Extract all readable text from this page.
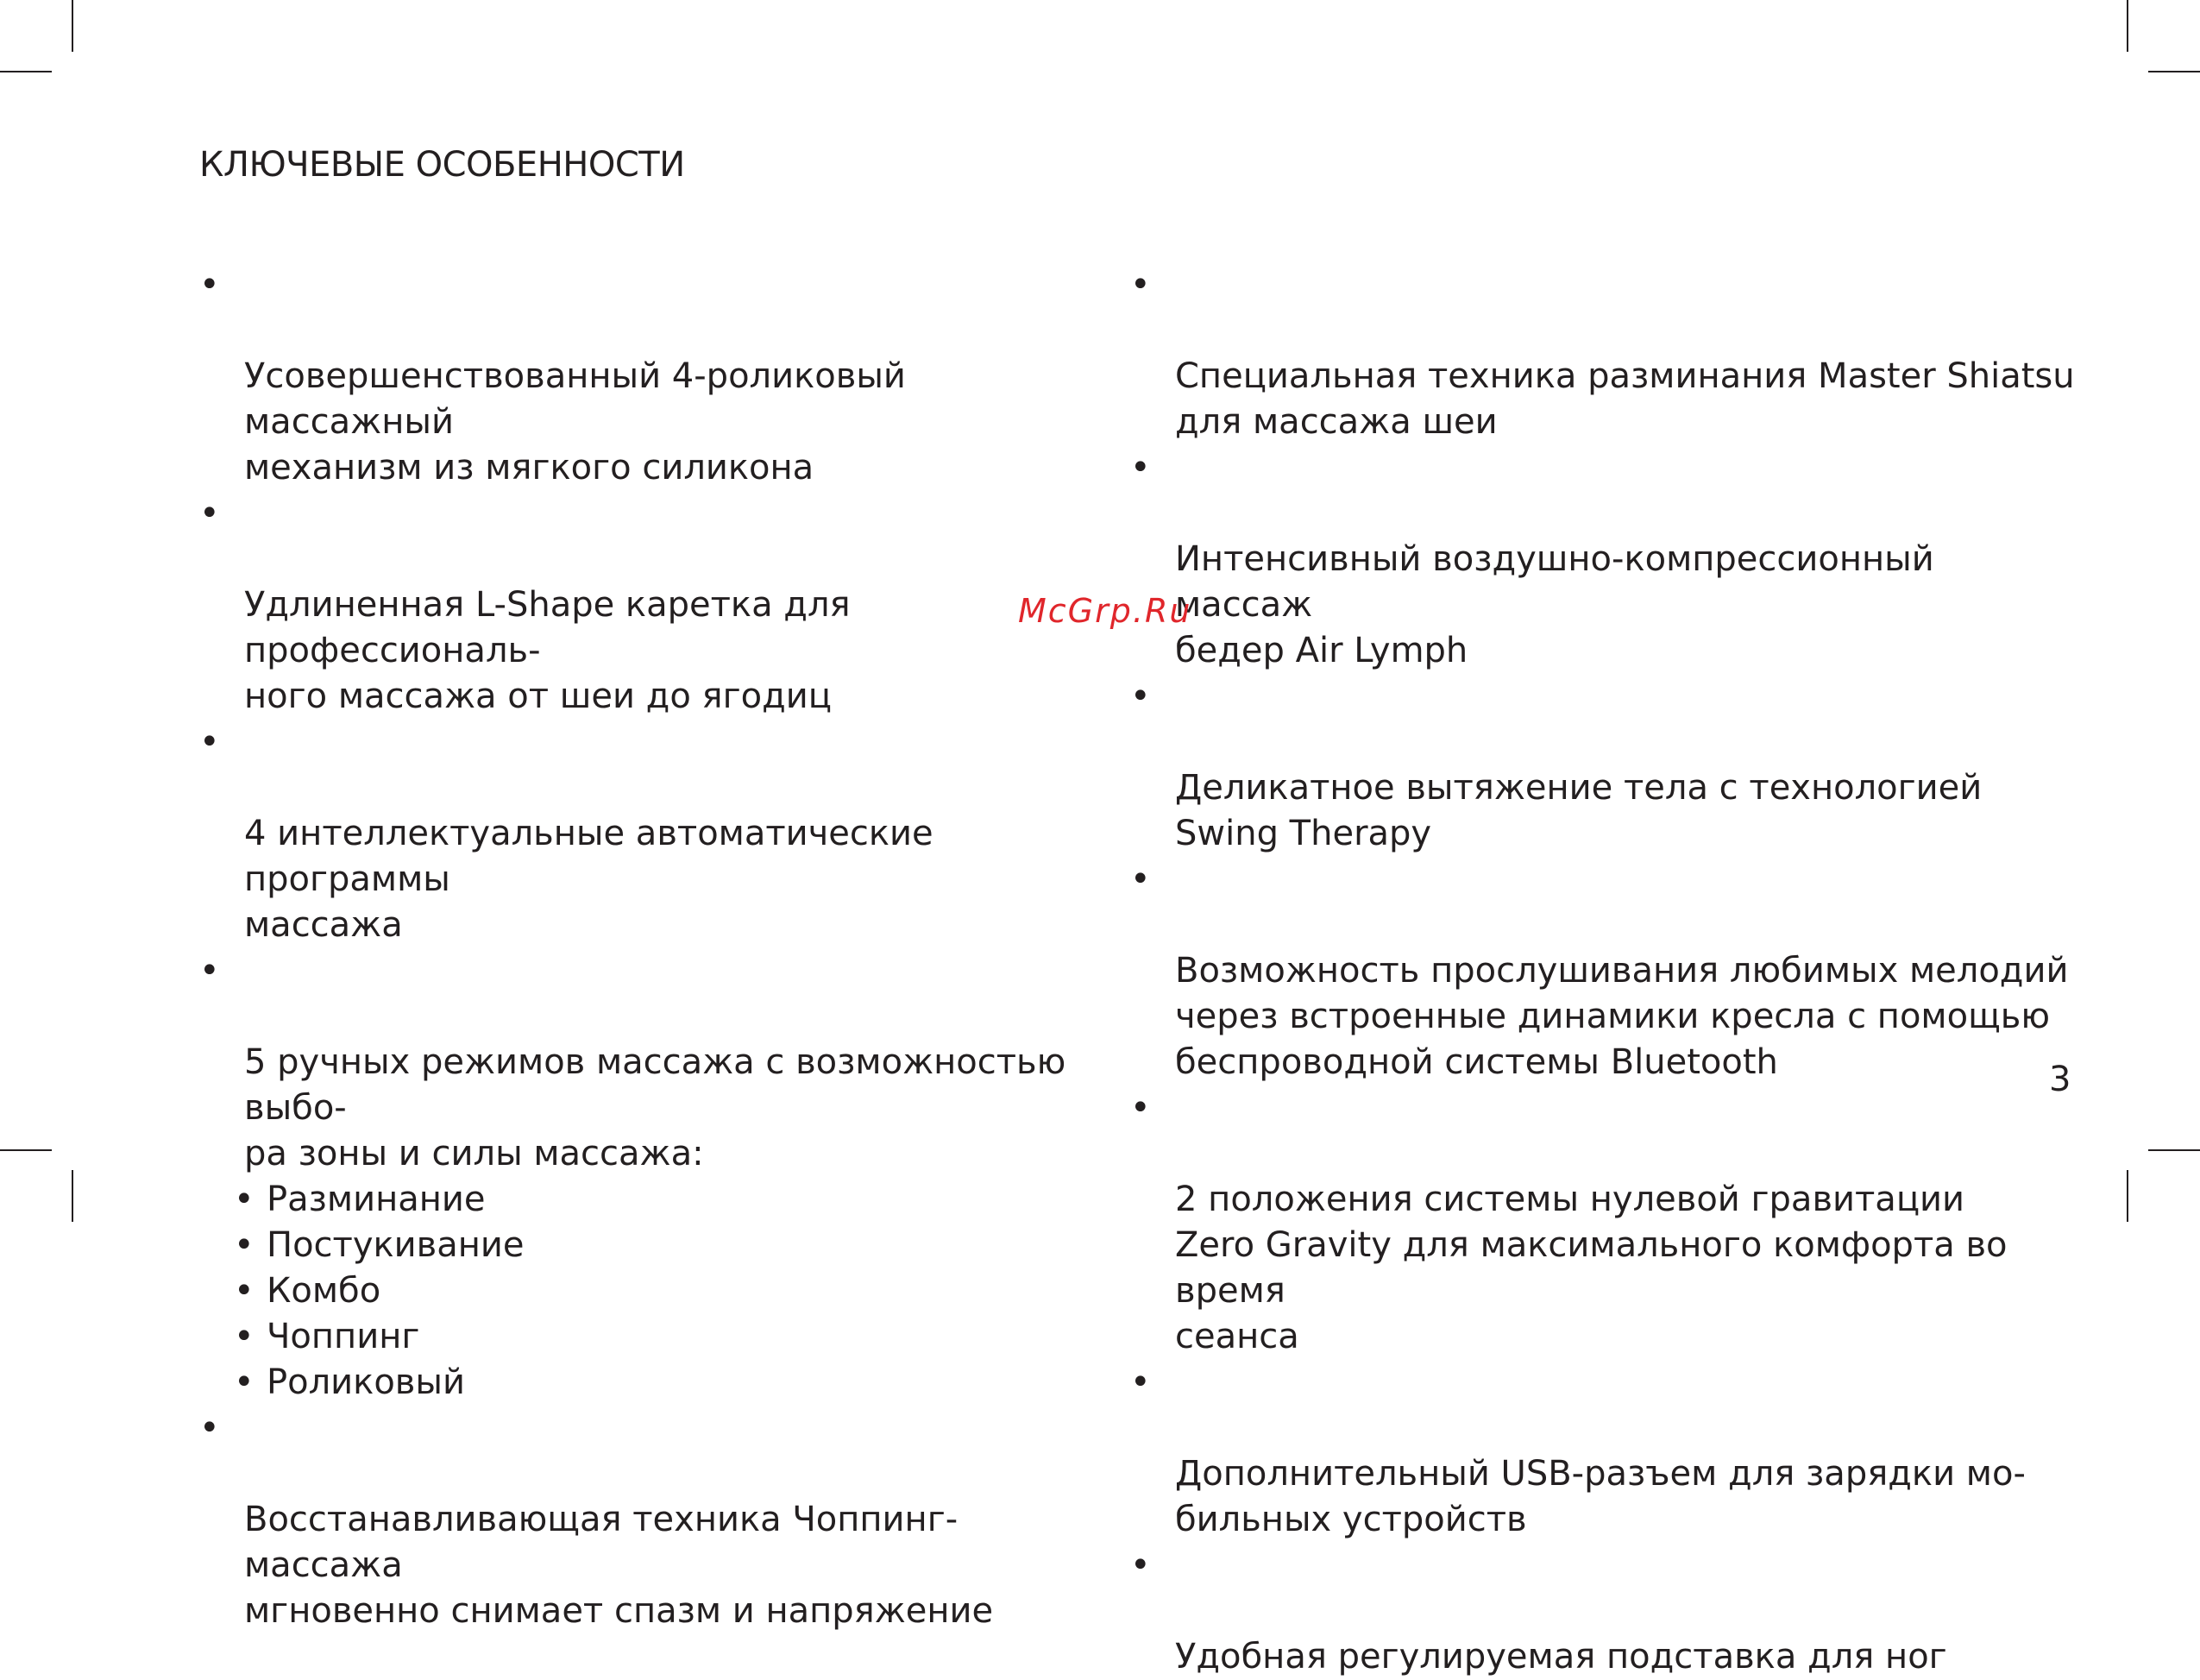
КЛЮЧЕВЫЕ ОСОБЕННОСТИ

•

Усовершенствованный 4-роликовый массажный
механизм из мягкого силикона

•

Удлиненная L-Shape каретка для профессиональ-
ного массажа от шеи до ягодиц

•

4 интеллектуальные автоматические программы
массажа

•

5 ручных режимов массажа с возможностью выбо-
ра зоны и силы массажа:

• Разминание
• Постукивание
• Комбо
• Чоппинг
• Роликовый

•

Восстанавливающая техника Чоппинг-массажа
мгновенно снимает спазм и напряжение

•

Специальная техника разминания Master Shiatsu
для массажа шеи

•

Интенсивный воздушно-компрессионный массаж
бедер Air Lymph

•

Деликатное вытяжение тела с технологией
Swing Therapy

•

Возможность прослушивания любимых мелодий
через встроенные динамики кресла с помощью
беспроводной системы Bluetooth

•

2 положения системы нулевой гравитации
Zero Gravity для максимального комфорта во время
сеанса

•

Дополнительный USB-разъем для зарядки мо-
бильных устройств

•

Удобная регулируемая подставка для ног

McGrp.Ru
3
